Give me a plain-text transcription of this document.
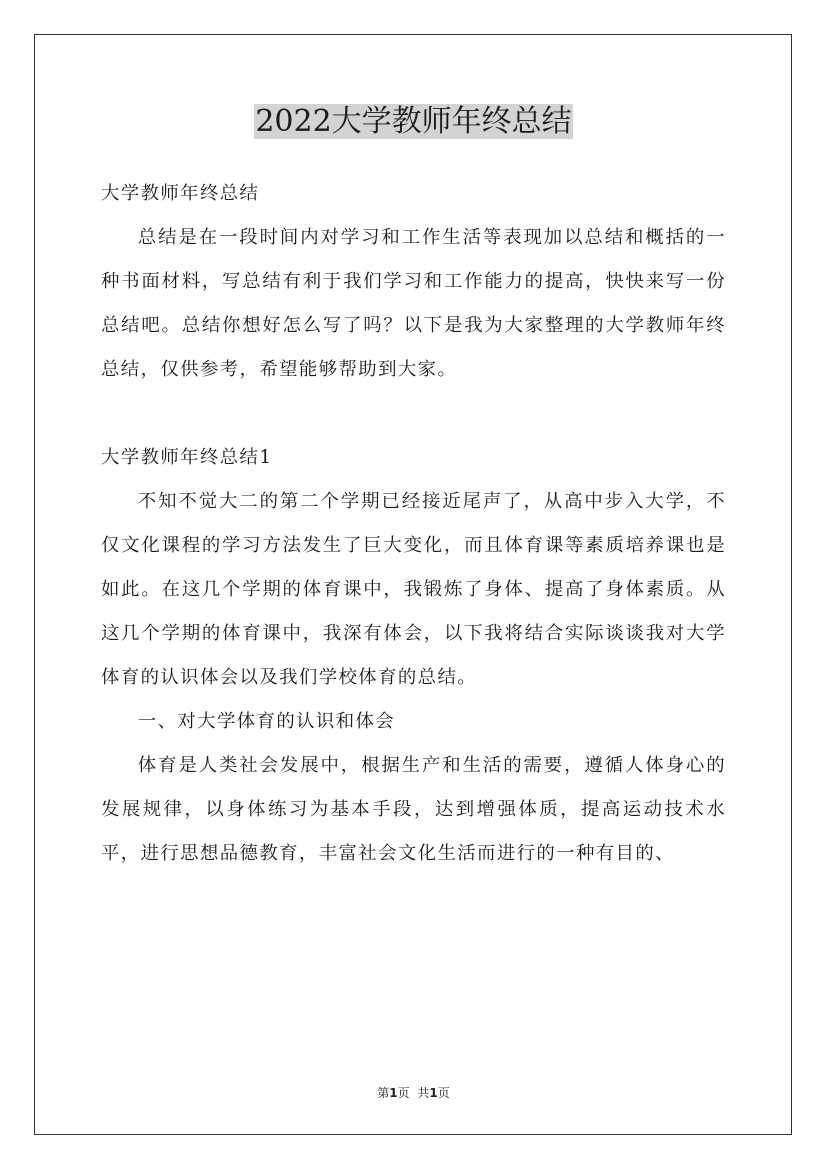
2022大学教师年终总结

大学教师年终总结

总结是在一段时间内对学习和工作生活等表现加以总结和概括的一种书面材料，写总结有利于我们学习和工作能力的提高，快快来写一份总结吧。总结你想好怎么写了吗？以下是我为大家整理的大学教师年终总结，仅供参考，希望能够帮助到大家。

大学教师年终总结1

不知不觉大二的第二个学期已经接近尾声了，从高中步入大学，不仅文化课程的学习方法发生了巨大变化，而且体育课等素质培养课也是如此。在这几个学期的体育课中，我锻炼了身体、提高了身体素质。从这几个学期的体育课中，我深有体会，以下我将结合实际谈谈我对大学体育的认识体会以及我们学校体育的总结。

一、对大学体育的认识和体会

体育是人类社会发展中，根据生产和生活的需要，遵循人体身心的发展规律，以身体练习为基本手段，达到增强体质，提高运动技术水平，进行思想品德教育，丰富社会文化生活而进行的一种有目的、

第1页 共1页
